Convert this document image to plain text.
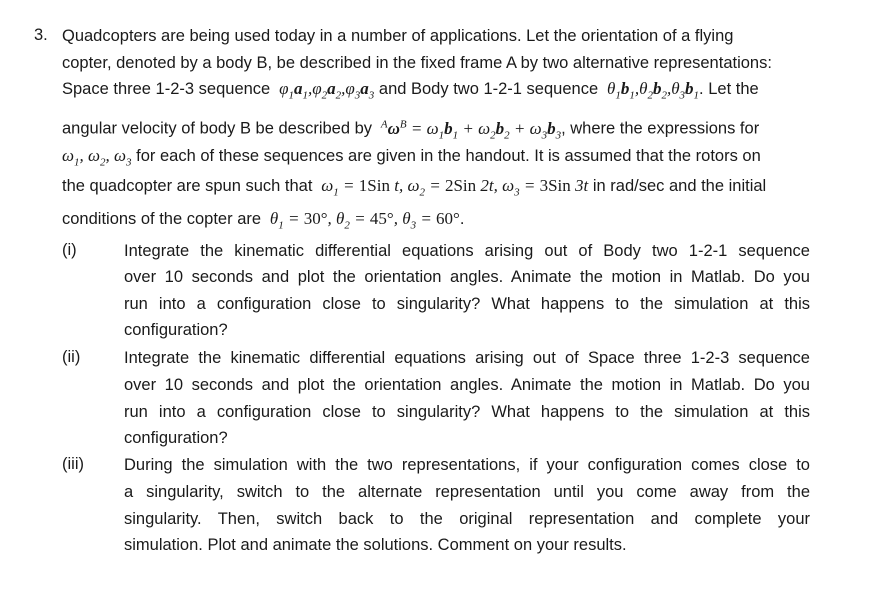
3. Quadcopters are being used today in a number of applications. Let the orientation of a flying
copter, denoted by a body B, be described in the fixed frame A by two alternative representations:
Space three 1-2-3 sequence  $\varphi_1a_1,\varphi_2a_2,\varphi_3a_3$ and Body two 1-2-1 sequence  $\theta_1b_1,\theta_2b_2,\theta_3b_1$. Let the
angular velocity of body B be described by $^A\omega^B = \omega_1b_1 + \omega_2b_2 + \omega_3b_3$, where the expressions for
$\omega_1$, $\omega_2$, $\omega_3$ for each of these sequences are given in the handout. It is assumed that the rotors on
the quadcopter are spun such that  $\omega_1 = 1Sin$ t, $\omega_2 = 2Sin$ 2t, $\omega_3 = 3Sin$ 3t in rad/sec and the initial
conditions of the copter are  $\theta_1 = 30^\circ$, $\theta_2 = 45^\circ$, $\theta_3 = 60^\circ$.
(i)	Integrate the kinematic differential equations arising out of Body two 1-2-1 sequence
over 10 seconds and plot the orientation angles. Animate the motion in Matlab. Do you
run into a configuration close to singularity? What happens to the simulation at this
configuration?
(ii)	Integrate the kinematic differential equations arising out of Space three 1-2-3 sequence
over 10 seconds and plot the orientation angles. Animate the motion in Matlab. Do you
run into a configuration close to singularity? What happens to the simulation at this
configuration?
(iii) During the simulation with the two representations, if your configuration comes close to
a singularity, switch to the alternate representation until you come away from the
singularity. Then, switch back to the original representation and complete your
simulation. Plot and animate the solutions. Comment on your results.
